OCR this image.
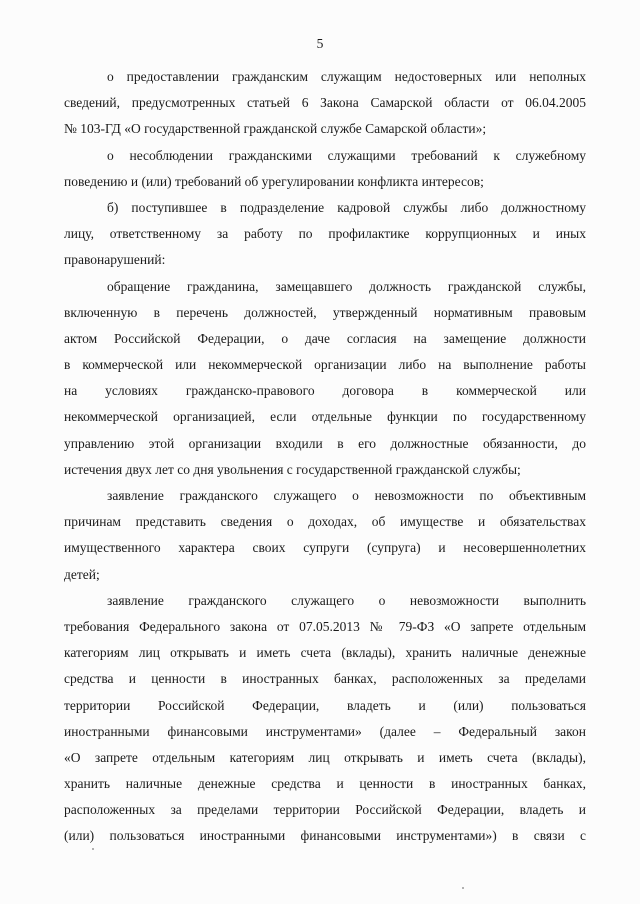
5
о предоставлении гражданским служащим недостоверных или неполных
сведений, предусмотренных статьей 6 Закона Самарской области от 06.04.2005
№ 103-ГД «О государственной гражданской службе Самарской области»;
о несоблюдении гражданскими служащими требований к служебному
поведению и (или) требований об урегулировании конфликта интересов;
б) поступившее в подразделение кадровой службы либо должностному
лицу, ответственному за работу по профилактике коррупционных и иных
правонарушений:
обращение гражданина, замещавшего должность гражданской службы,
включенную в перечень должностей, утвержденный нормативным правовым
актом Российской Федерации, о даче согласия на замещение должности
в коммерческой или некоммерческой организации либо на выполнение работы
на условиях гражданско-правового договора в коммерческой или
некоммерческой организацией, если отдельные функции по государственному
управлению этой организации входили в его должностные обязанности, до
истечения двух лет со дня увольнения с государственной гражданской службы;
заявление гражданского служащего о невозможности по объективным
причинам представить сведения о доходах, об имуществе и обязательствах
имущественного характера своих супруги (супруга) и несовершеннолетних
детей;
заявление гражданского служащего о невозможности выполнить
требования Федерального закона от 07.05.2013 № 79-ФЗ «О запрете отдельным
категориям лиц открывать и иметь счета (вклады), хранить наличные денежные
средства и ценности в иностранных банках, расположенных за пределами
территории Российской Федерации, владеть и (или) пользоваться
иностранными финансовыми инструментами» (далее – Федеральный закон
«О запрете отдельным категориям лиц открывать и иметь счета (вклады),
хранить наличные денежные средства и ценности в иностранных банках,
расположенных за пределами территории Российской Федерации, владеть и
(или) пользоваться иностранными финансовыми инструментами») в связи с
